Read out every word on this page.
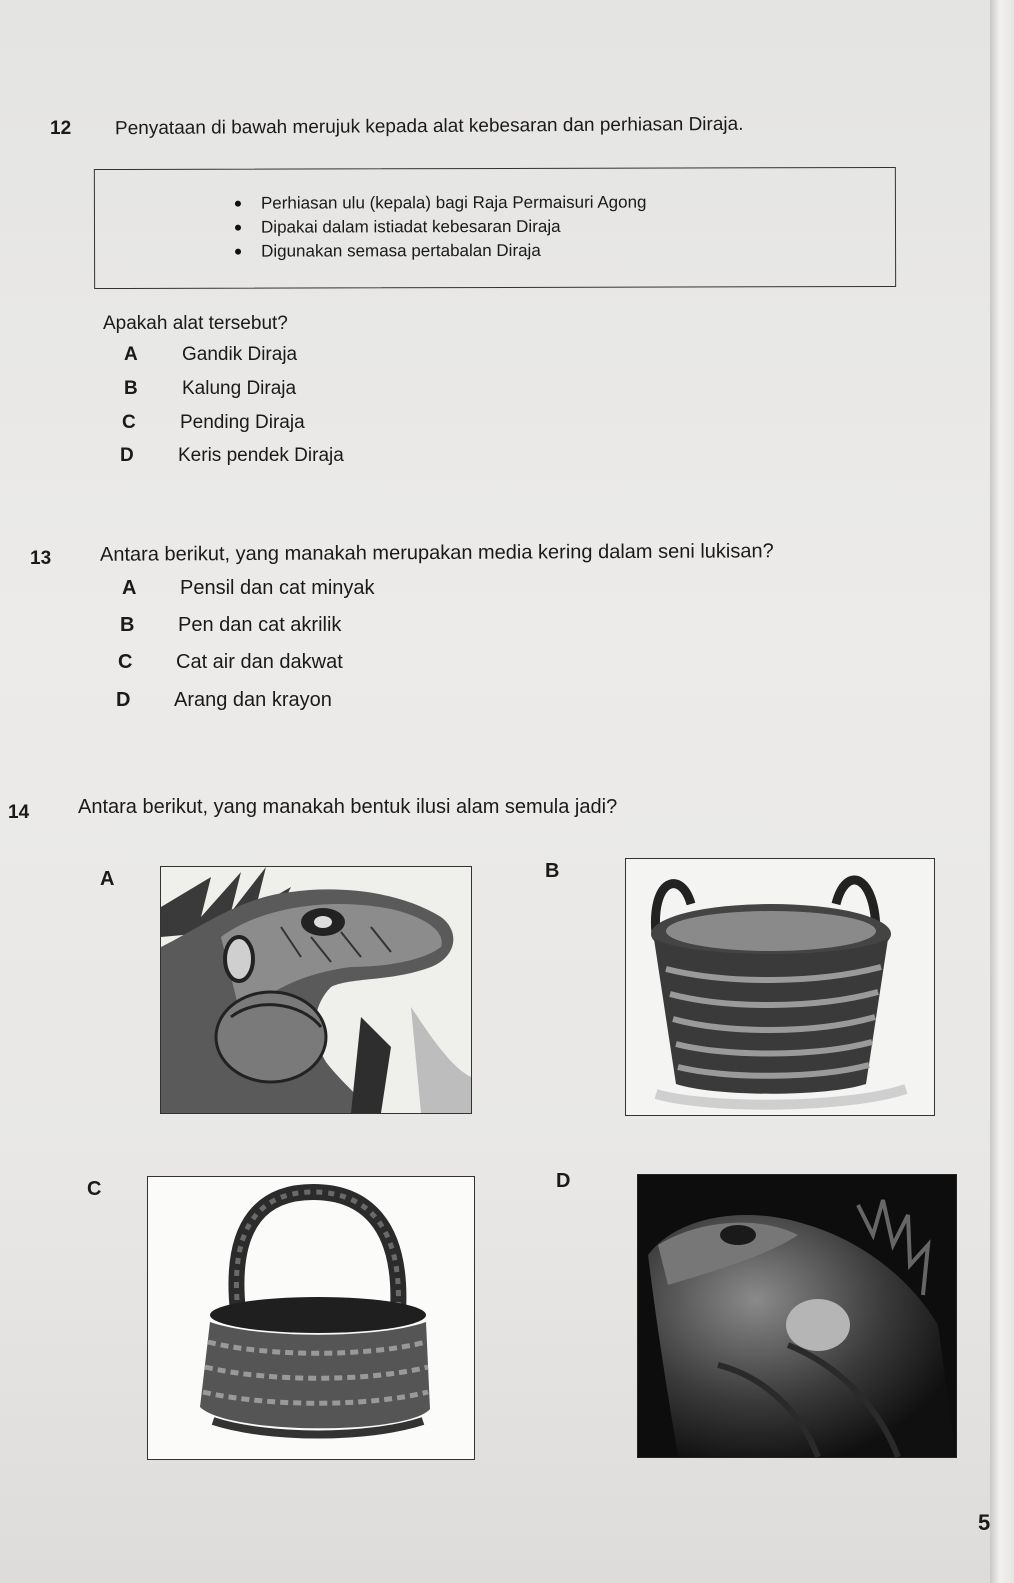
12 Penyataan di bawah merujuk kepada alat kebesaran dan perhiasan Diraja.
Perhiasan ulu (kepala) bagi Raja Permaisuri Agong
Dipakai dalam istiadat kebesaran Diraja
Digunakan semasa pertabalan Diraja
Apakah alat tersebut?
A	Gandik Diraja
B	Kalung Diraja
C	Pending Diraja
D	Keris pendek Diraja
13 Antara berikut, yang manakah merupakan media kering dalam seni lukisan?
A	Pensil dan cat minyak
B	Pen dan cat akrilik
C	Cat air dan dakwat
D	Arang dan krayon
14 Antara berikut, yang manakah bentuk ilusi alam semula jadi?
A	B
C	D
5
